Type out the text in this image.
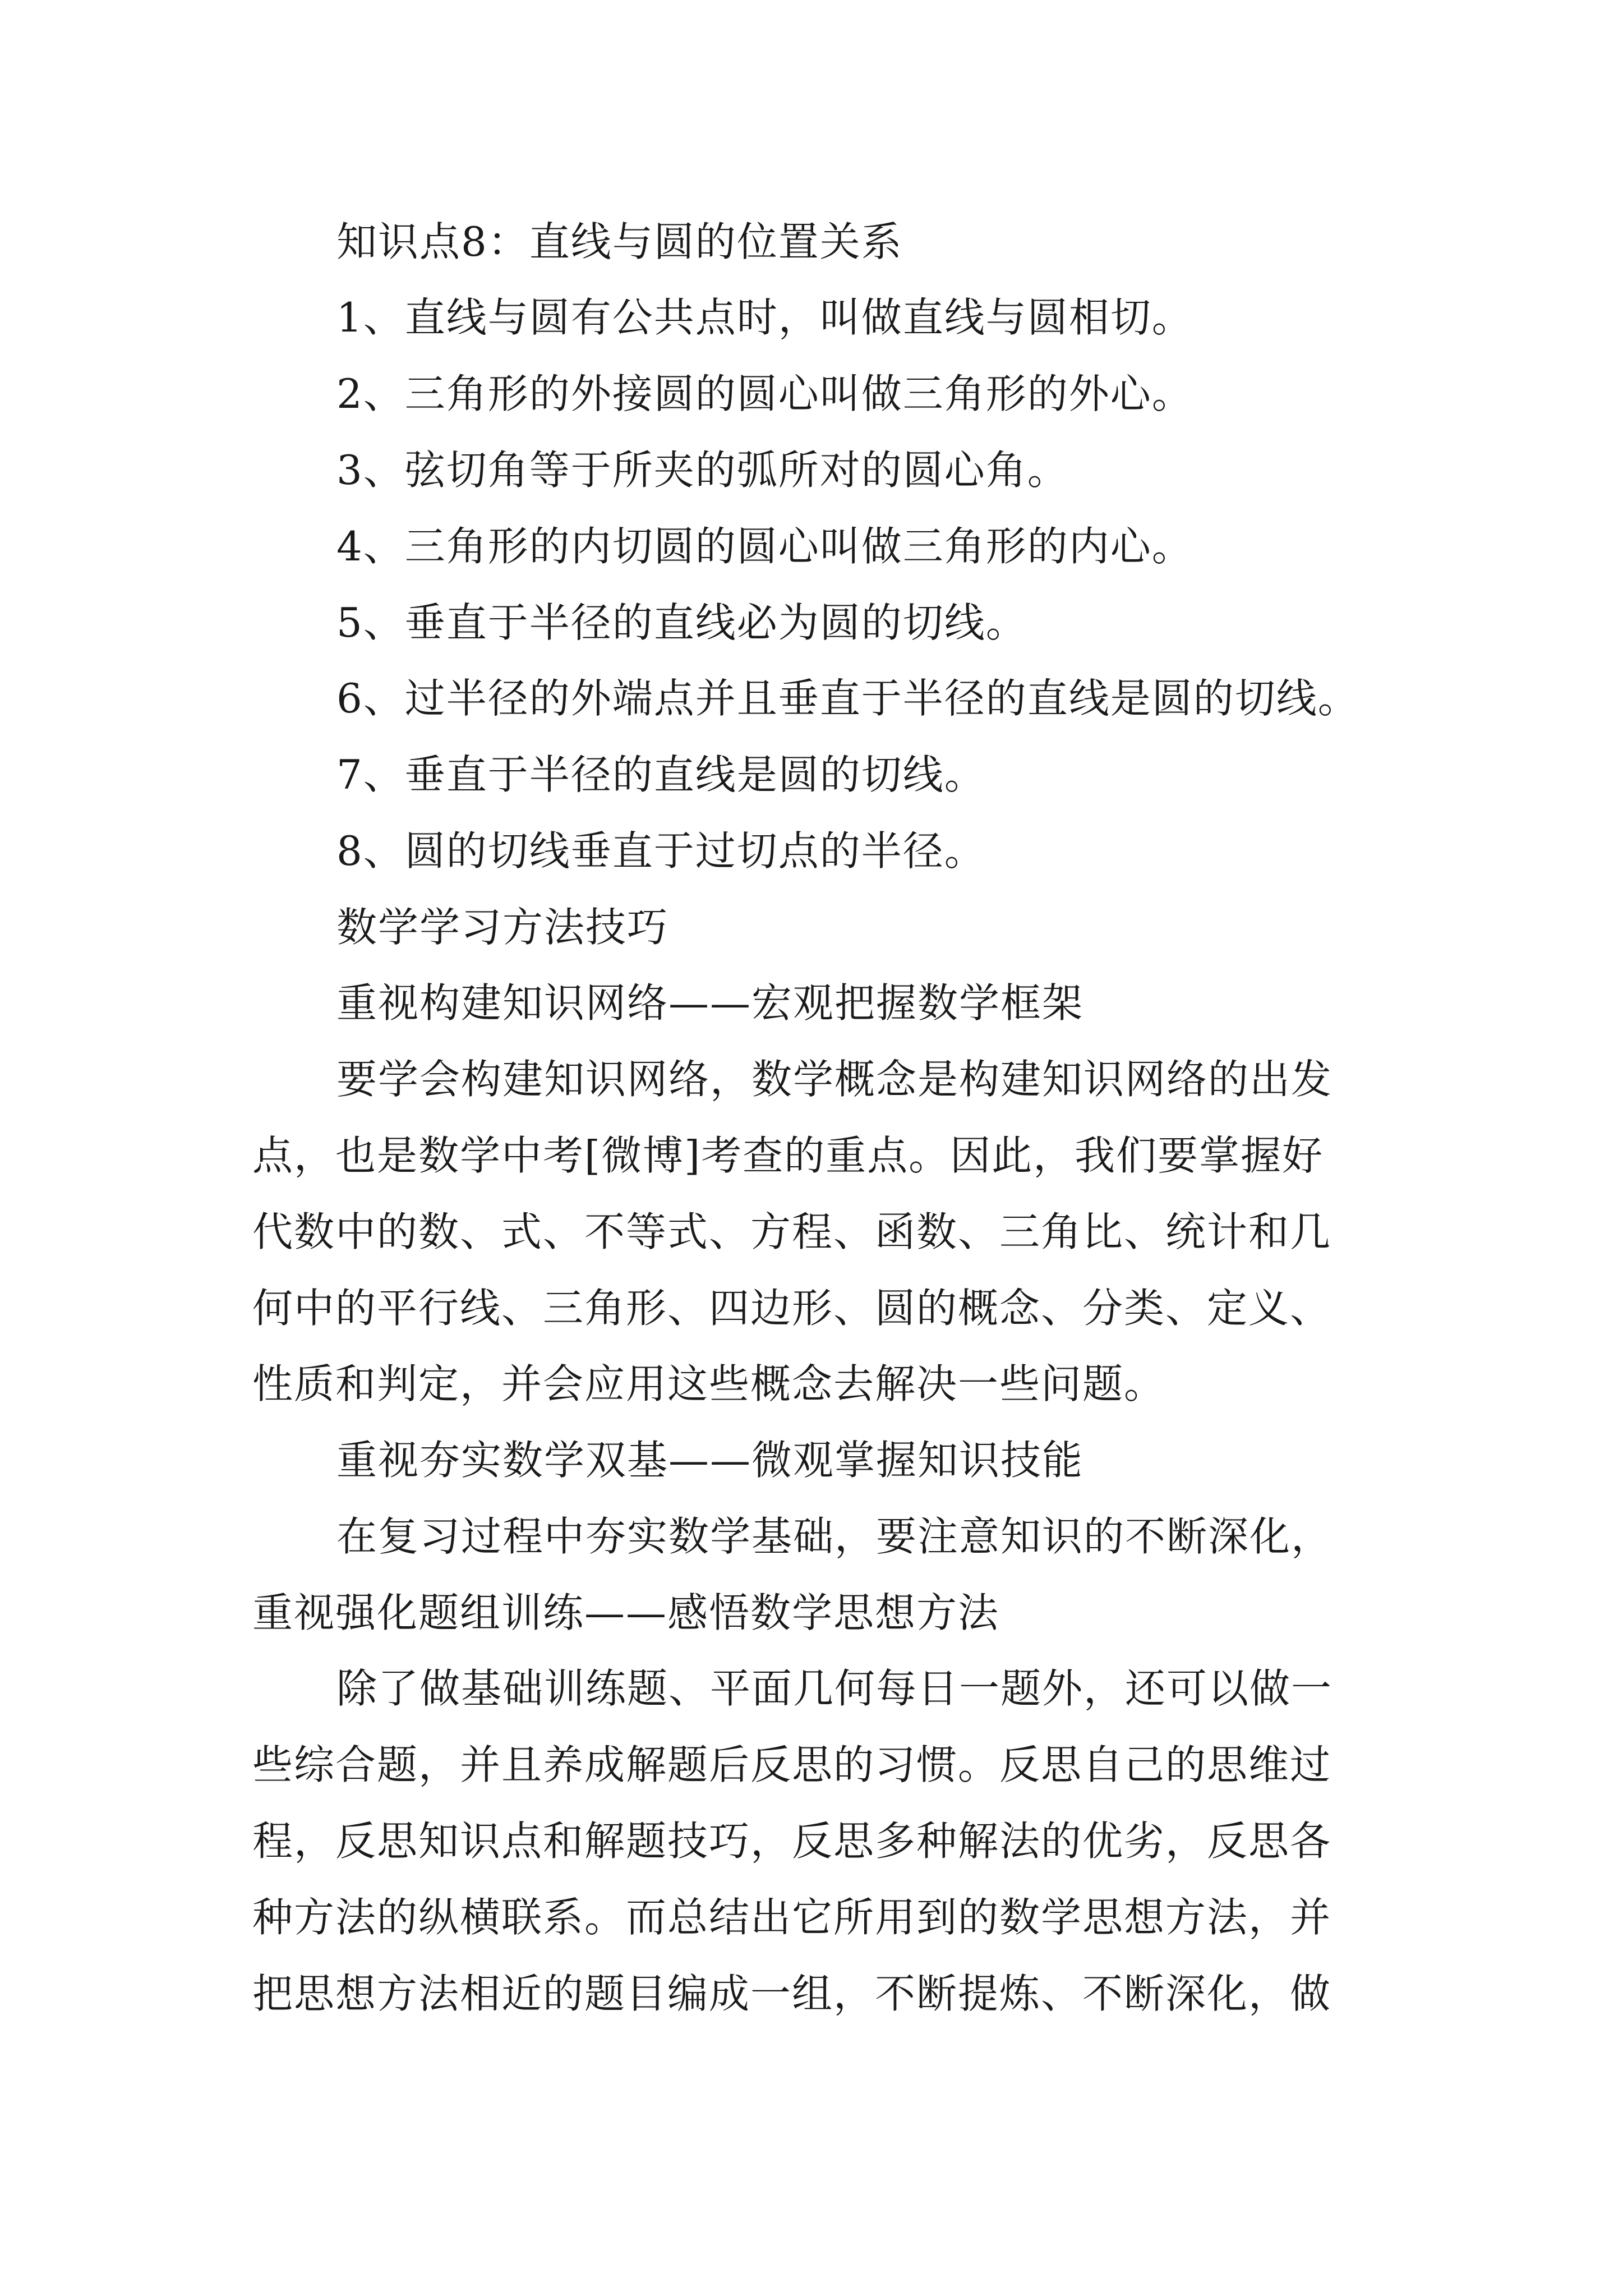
知识点8：直线与圆的位置关系
1、直线与圆有公共点时，叫做直线与圆相切。
2、三角形的外接圆的圆心叫做三角形的外心。
3、弦切角等于所夹的弧所对的圆心角。
4、三角形的内切圆的圆心叫做三角形的内心。
5、垂直于半径的直线必为圆的切线。
6、过半径的外端点并且垂直于半径的直线是圆的切线。
7、垂直于半径的直线是圆的切线。
8、圆的切线垂直于过切点的半径。
数学学习方法技巧
重视构建知识网络——宏观把握数学框架
要学会构建知识网络，数学概念是构建知识网络的出发
点，也是数学中考[微博]考查的重点。因此，我们要掌握好
代数中的数、式、不等式、方程、函数、三角比、统计和几
何中的平行线、三角形、四边形、圆的概念、分类、定义、
性质和判定，并会应用这些概念去解决一些问题。
重视夯实数学双基——微观掌握知识技能
在复习过程中夯实数学基础，要注意知识的不断深化，
重视强化题组训练——感悟数学思想方法
除了做基础训练题、平面几何每日一题外，还可以做一
些综合题，并且养成解题后反思的习惯。反思自己的思维过
程，反思知识点和解题技巧，反思多种解法的优劣，反思各
种方法的纵横联系。而总结出它所用到的数学思想方法，并
把思想方法相近的题目编成一组，不断提炼、不断深化，做
